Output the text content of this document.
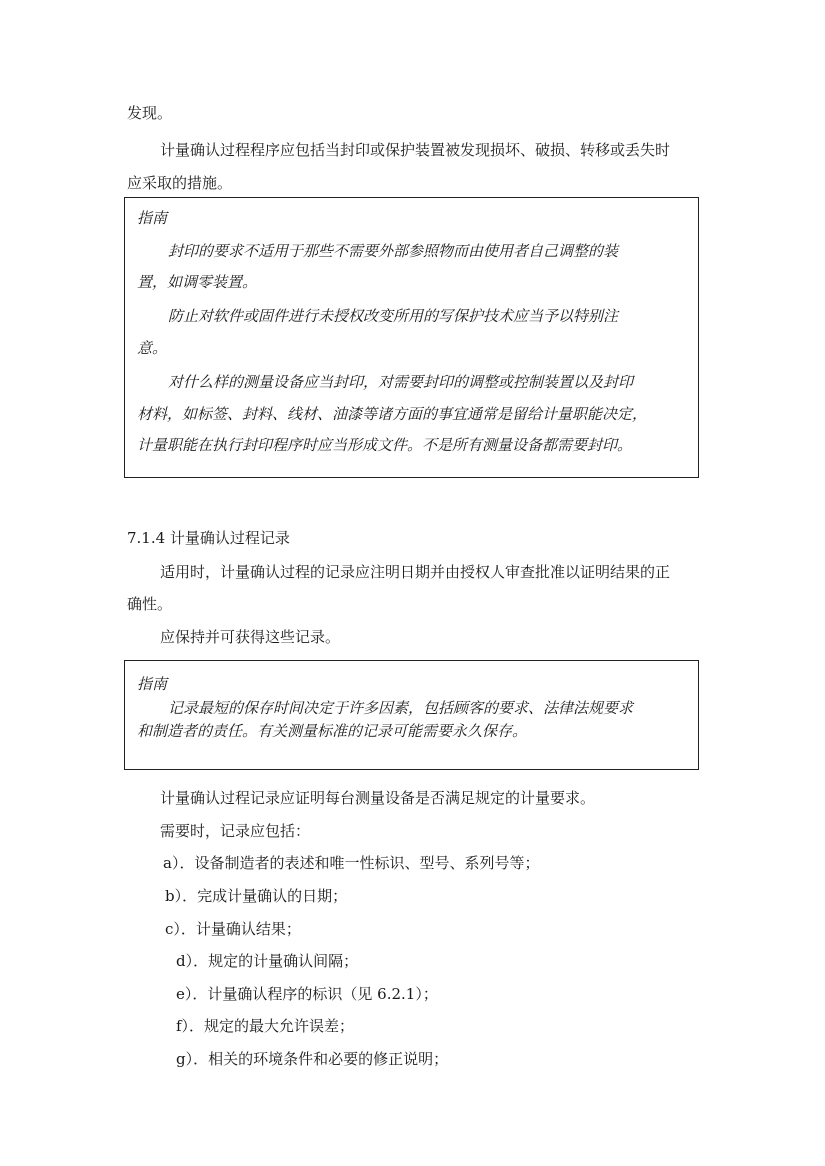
发现。
计量确认过程程序应包括当封印或保护装置被发现损坏、破损、转移或丢失时
应采取的措施。
指南
封印的要求不适用于那些不需要外部参照物而由使用者自己调整的装
置，如调零装置。
防止对软件或固件进行未授权改变所用的写保护技术应当予以特别注
意。
对什么样的测量设备应当封印，对需要封印的调整或控制装置以及封印
材料，如标签、封料、线材、油漆等诸方面的事宜通常是留给计量职能决定，
计量职能在执行封印程序时应当形成文件。不是所有测量设备都需要封印。
7.1.4 计量确认过程记录
适用时，计量确认过程的记录应注明日期并由授权人审查批准以证明结果的正
确性。
应保持并可获得这些记录。
指南
记录最短的保存时间决定于许多因素，包括顾客的要求、法律法规要求
和制造者的责任。有关测量标准的记录可能需要永久保存。
计量确认过程记录应证明每台测量设备是否满足规定的计量要求。
需要时，记录应包括：
a）．设备制造者的表述和唯一性标识、型号、系列号等；
b）．完成计量确认的日期；
c）．计量确认结果；
d）．规定的计量确认间隔；
e）．计量确认程序的标识（见 6.2.1）；
f）．规定的最大允许误差；
g）．相关的环境条件和必要的修正说明；
